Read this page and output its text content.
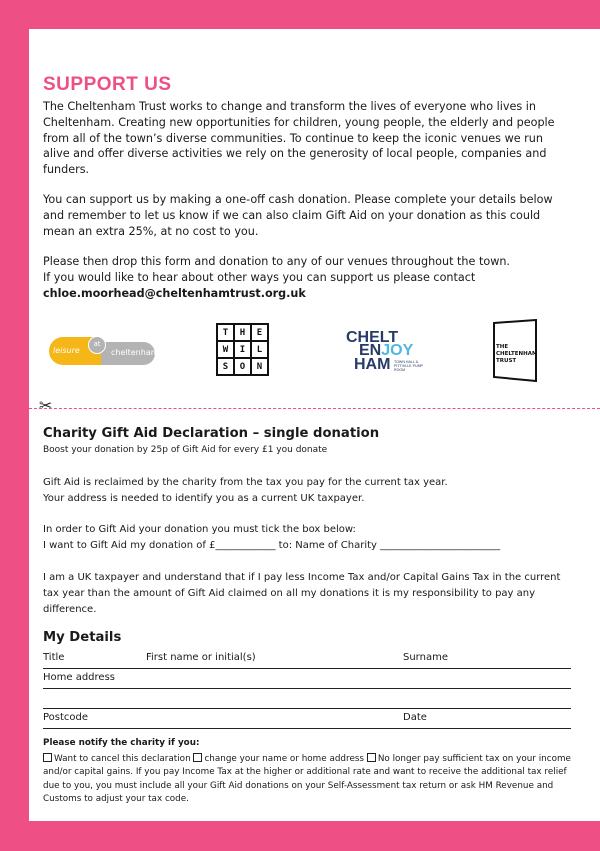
SUPPORT US

The Cheltenham Trust works to change and transform the lives of everyone who lives in Cheltenham. Creating new opportunities for children, young people, the elderly and people from all of the town’s diverse communities. To continue to keep the iconic venues we run alive and offer diverse activities we rely on the generosity of local people, companies and funders.

You can support us by making a one-off cash donation. Please complete your details below and remember to let us know if we can also claim Gift Aid on your donation as this could mean an extra 25%, at no cost to you.

Please then drop this form and donation to any of our venues throughout the town.
If you would like to hear about other ways you can support us please contact
chloe.moorhead@cheltenhamtrust.org.uk

leisure	cheltenham
at
T	H	E
W	I	L
S	O	N
CHELT
ENJOY
HAM TOWN HALL & PITTVILLE PUMP ROOM
THE
CHELTENHAM
TRUST
✂
Charity Gift Aid Declaration – single donation

Boost your donation by 25p of Gift Aid for every £1 you donate

Gift Aid is reclaimed by the charity from the tax you pay for the current tax year.
Your address is needed to identify you as a current UK taxpayer.

In order to Gift Aid your donation you must tick the box below:
I want to Gift Aid my donation of £____________ to: Name of Charity ________________________

I am a UK taxpayer and understand that if I pay less Income Tax and/or Capital Gains Tax in the current tax year than the amount of Gift Aid claimed on all my donations it is my responsibility to pay any difference.

My Details
Title	First name or initial(s)	Surname
Home address
Postcode	Date

Please notify the charity if you:

Want to cancel this declaration change your name or home address No longer pay sufficient tax on your income and/or capital gains. If you pay Income Tax at the higher or additional rate and want to receive the additional tax relief due to you, you must include all your Gift Aid donations on your Self-Assessment tax return or ask HM Revenue and Customs to adjust your tax code.
